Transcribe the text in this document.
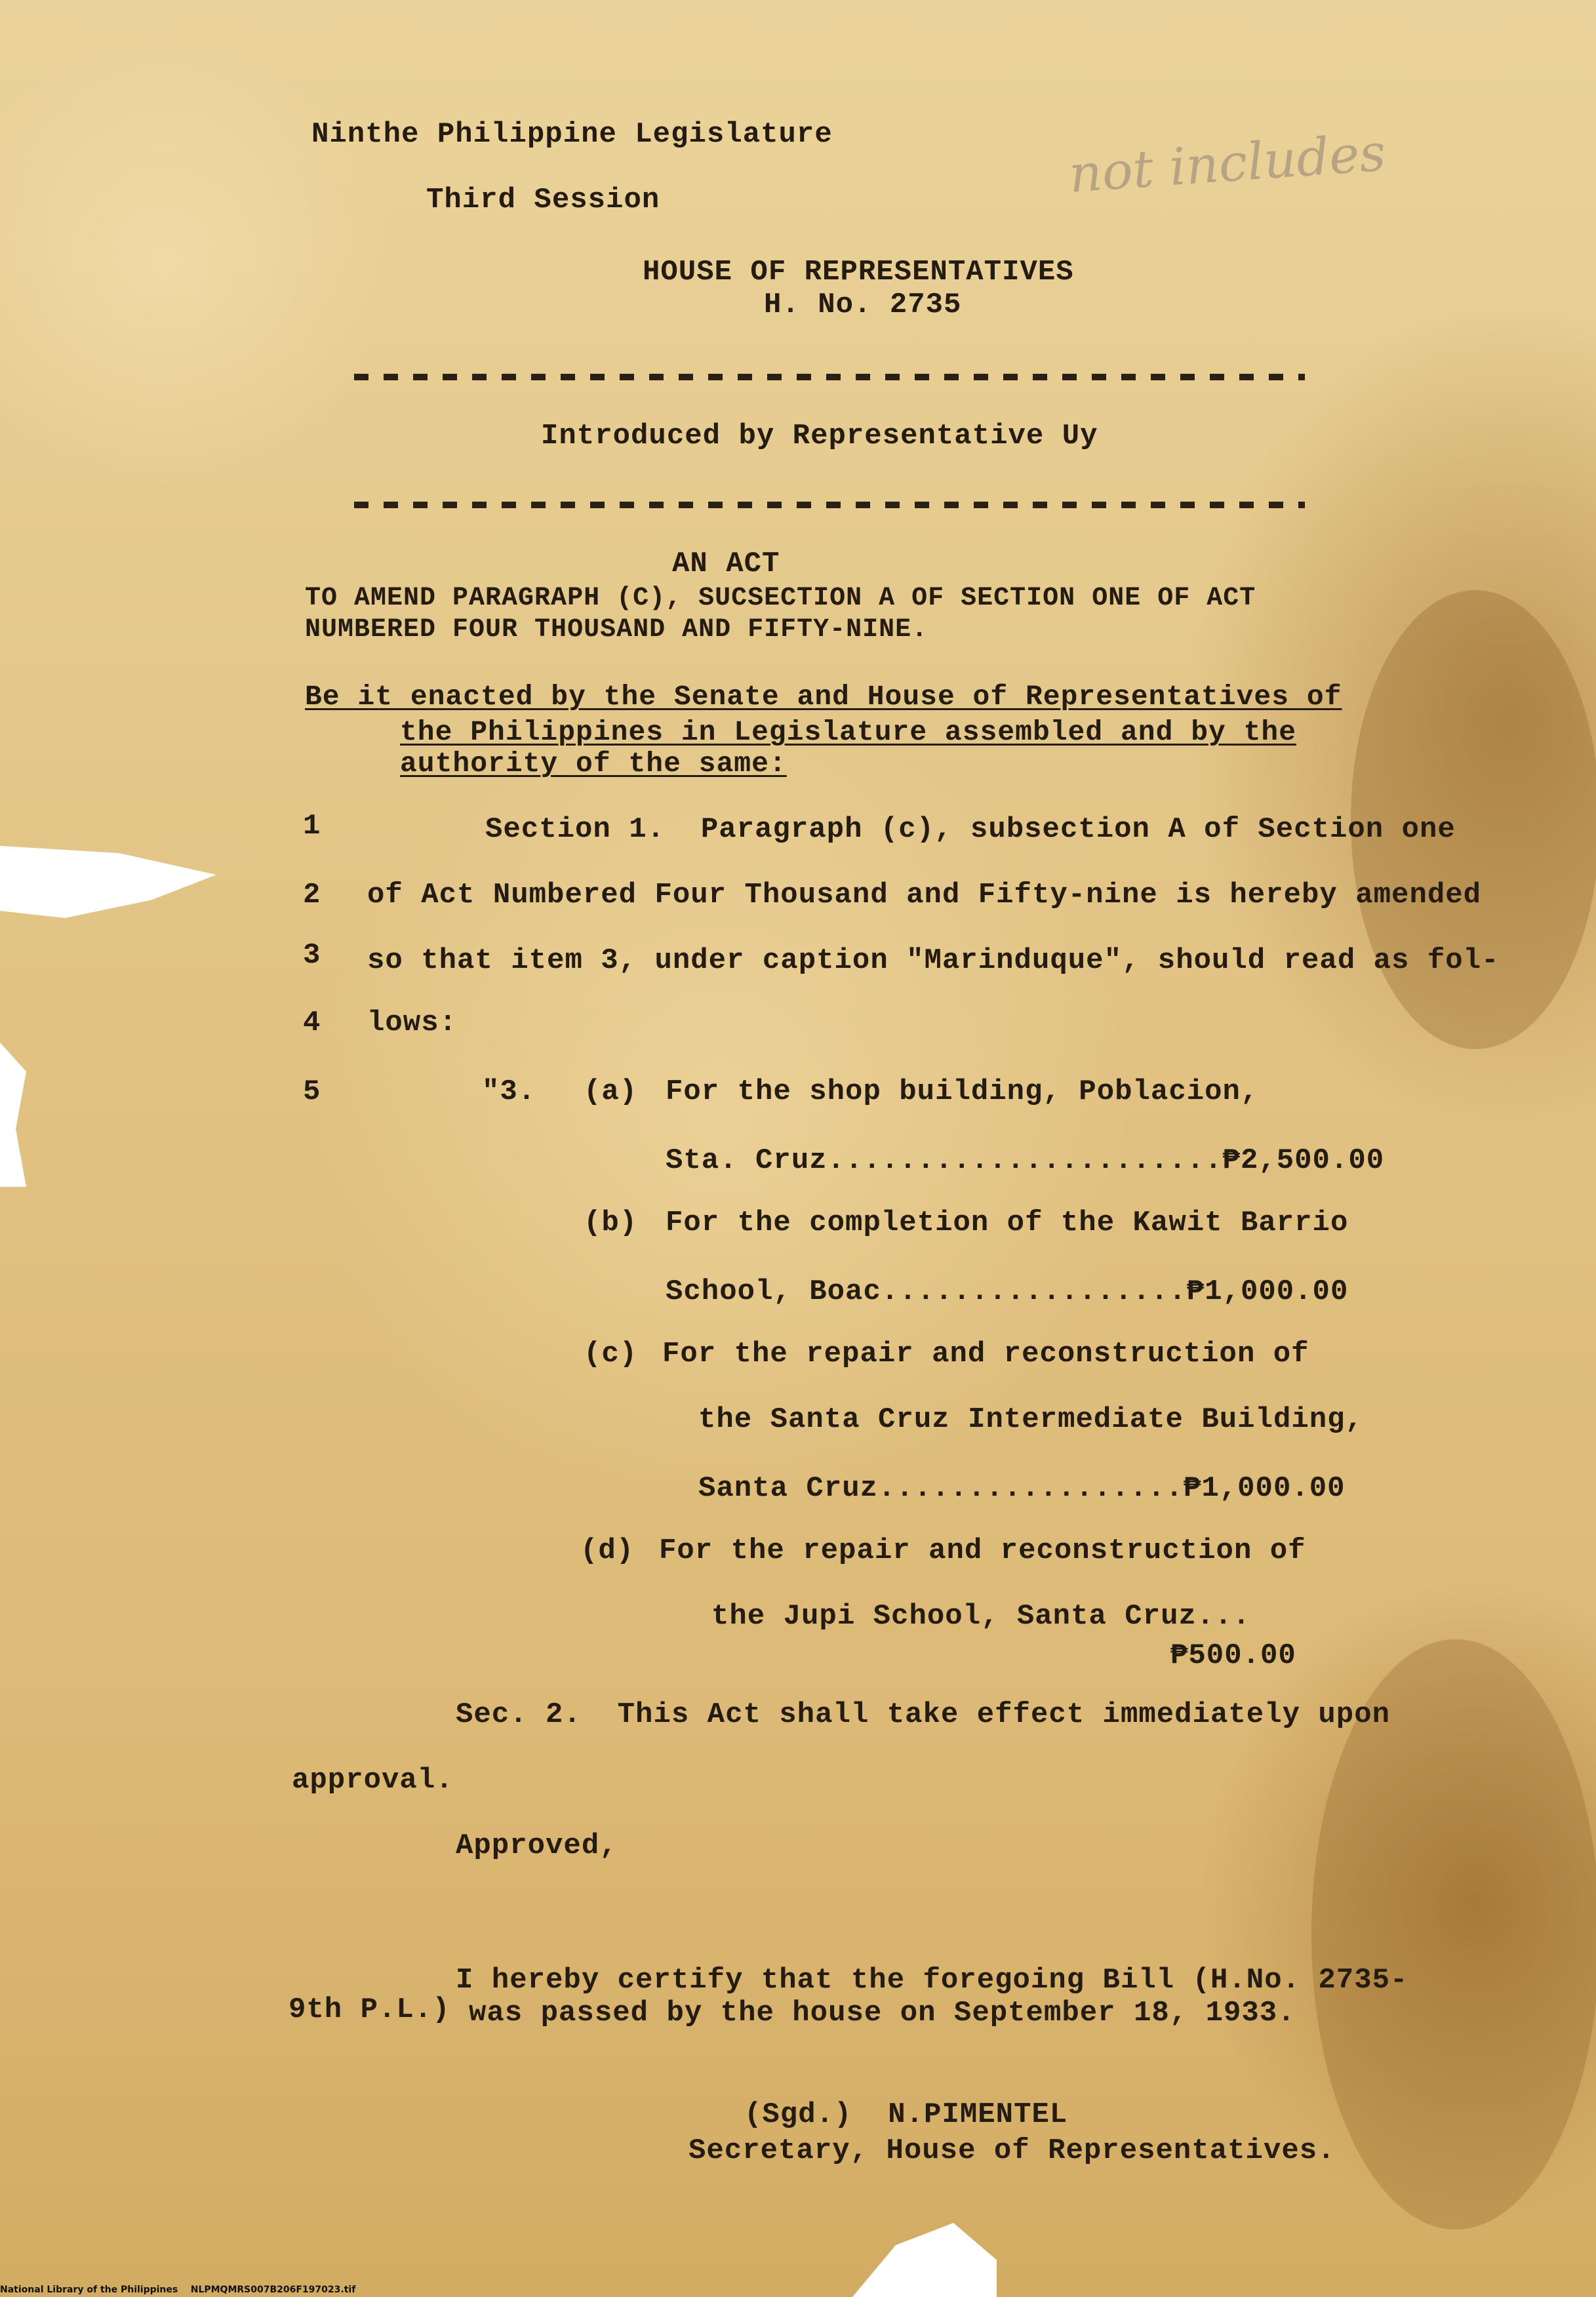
Ninthe Philippine Legislature
Third Session
HOUSE OF REPRESENTATIVES
H. No. 2735
not includes
Introduced by Representative Uy
AN ACT
TO AMEND PARAGRAPH (C), SUCSECTION A OF SECTION ONE OF ACT
NUMBERED FOUR THOUSAND AND FIFTY-NINE.
Be it enacted by the Senate and House of Representatives of
the Philippines in Legislature assembled and by the
authority of the same:
1
2
3
4
5
Section 1.  Paragraph (c), subsection A of Section one
of Act Numbered Four Thousand and Fifty-nine is hereby amended
so that item 3, under caption "Marinduque", should read as fol-
lows:
"3. (a) For the shop building, Poblacion,
Sta. Cruz......................₱2,500.00
(b) For the completion of the Kawit Barrio
School, Boac.................₱1,000.00
(c) For the repair and reconstruction of
the Santa Cruz Intermediate Building,
Santa Cruz.................₱1,000.00
(d) For the repair and reconstruction of
the Jupi School, Santa Cruz...
₱500.00
Sec. 2.  This Act shall take effect immediately upon
approval.
Approved,
9th P.L.)
I hereby certify that the foregoing Bill (H.No. 2735-
was passed by the house on September 18, 1933.
(Sgd.)  N.PIMENTEL
Secretary, House of Representatives.
National Library of the Philippines    NLPMQMRS007B206F197023.tif
